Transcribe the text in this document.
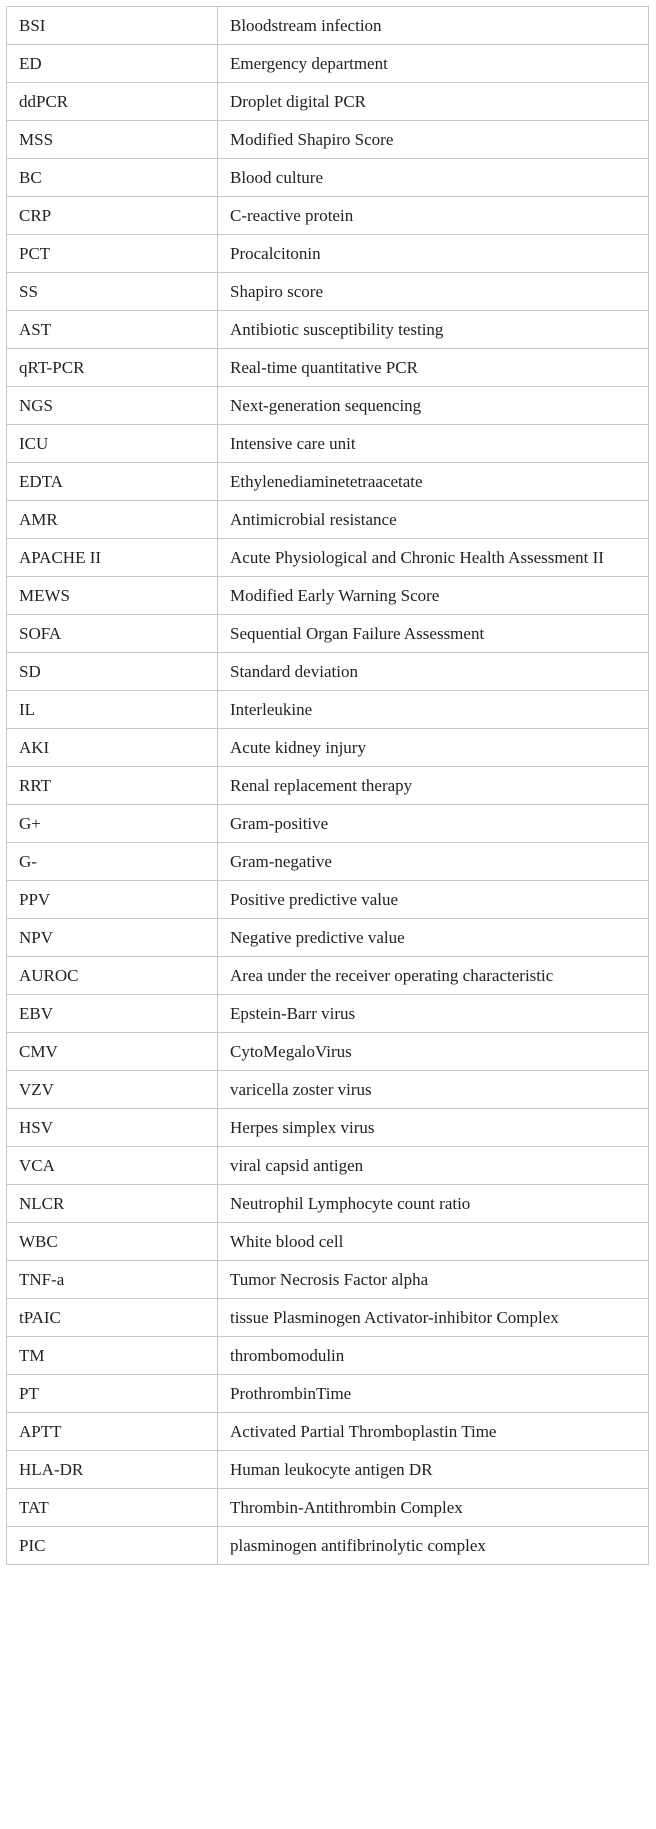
BSI	Bloodstream infection
ED	Emergency department
ddPCR	Droplet digital PCR
MSS	Modified Shapiro Score
BC	Blood culture
CRP	C-reactive protein
PCT	Procalcitonin
SS	Shapiro score
AST	Antibiotic susceptibility testing
qRT-PCR	Real-time quantitative PCR
NGS	Next-generation sequencing
ICU	Intensive care unit
EDTA	Ethylenediaminetetraacetate
AMR	Antimicrobial resistance
APACHE II	Acute Physiological and Chronic Health Assessment II
MEWS	Modified Early Warning Score
SOFA	Sequential Organ Failure Assessment
SD	Standard deviation
IL	Interleukine
AKI	Acute kidney injury
RRT	Renal replacement therapy
G+	Gram-positive
G-	Gram-negative
PPV	Positive predictive value
NPV	Negative predictive value
AUROC	Area under the receiver operating characteristic
EBV	Epstein-Barr virus
CMV	CytoMegaloVirus
VZV	varicella zoster virus
HSV	Herpes simplex virus
VCA	viral capsid antigen
NLCR	Neutrophil Lymphocyte count ratio
WBC	White blood cell
TNF-a	Tumor Necrosis Factor alpha
tPAIC	tissue Plasminogen Activator-inhibitor Complex
TM	thrombomodulin
PT	ProthrombinTime
APTT	Activated Partial Thromboplastin Time
HLA-DR	Human leukocyte antigen DR
TAT	Thrombin-Antithrombin Complex
PIC	plasminogen antifibrinolytic complex
